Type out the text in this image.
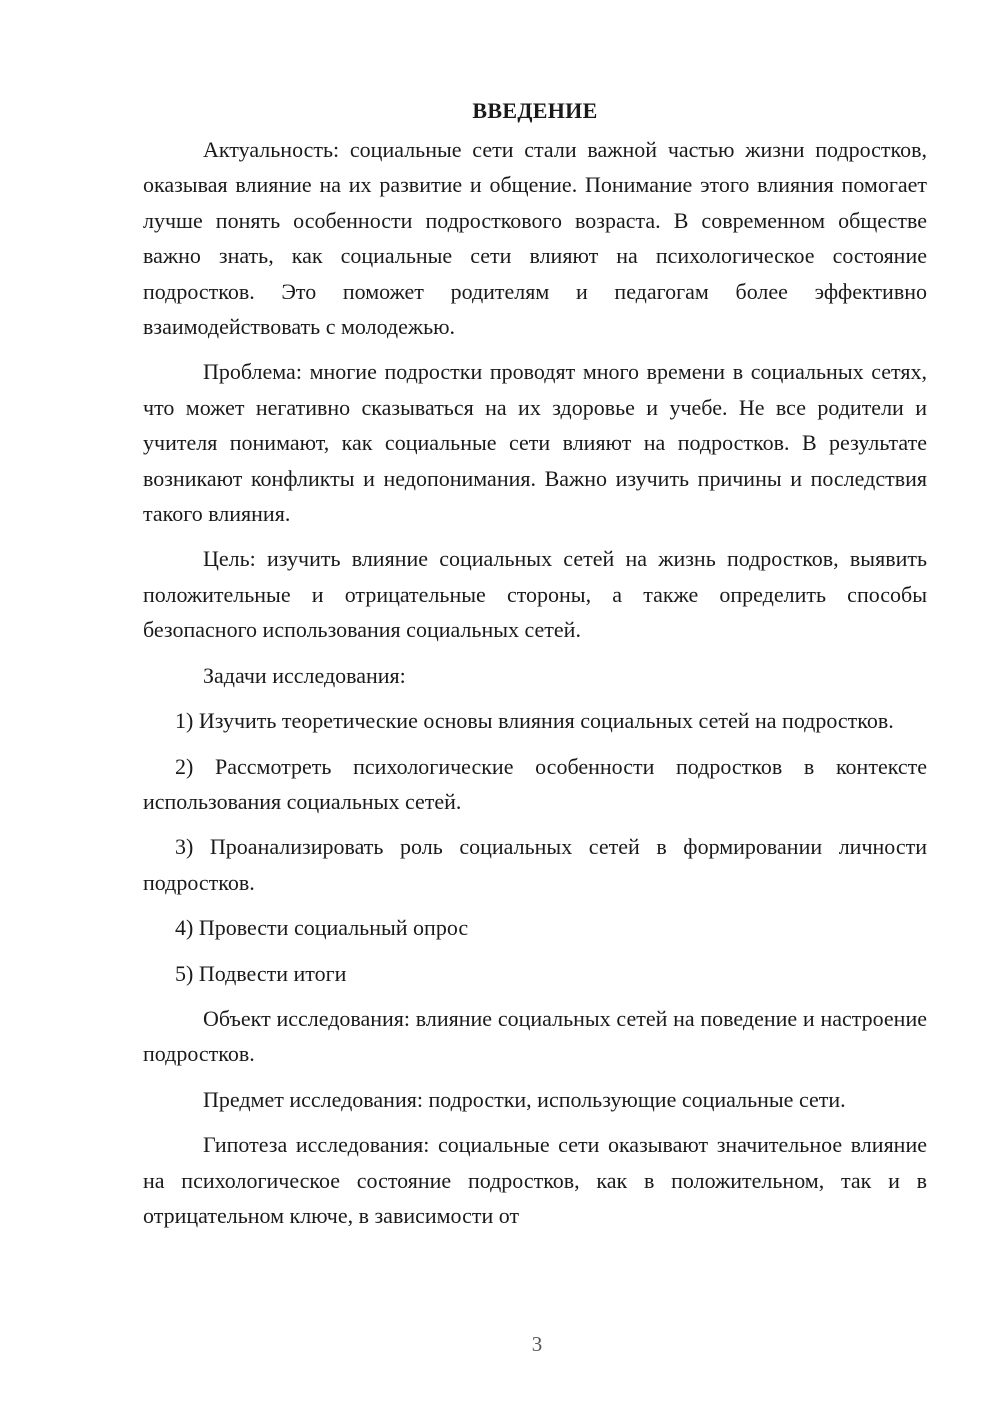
ВВЕДЕНИЕ

Актуальность: социальные сети стали важной частью жизни подростков, оказывая влияние на их развитие и общение. Понимание этого влияния помогает лучше понять особенности подросткового возраста. В современном обществе важно знать, как социальные сети влияют на психологическое состояние подростков. Это поможет родителям и педагогам более эффективно взаимодействовать с молодежью.

Проблема: многие подростки проводят много времени в социальных сетях, что может негативно сказываться на их здоровье и учебе. Не все родители и учителя понимают, как социальные сети влияют на подростков. В результате возникают конфликты и недопонимания. Важно изучить причины и последствия такого влияния.

Цель: изучить влияние социальных сетей на жизнь подростков, выявить положительные и отрицательные стороны, а также определить способы безопасного использования социальных сетей.

Задачи исследования:

1) Изучить теоретические основы влияния социальных сетей на подростков.

2) Рассмотреть психологические особенности подростков в контексте использования социальных сетей.

3) Проанализировать роль социальных сетей в формировании личности подростков.

4) Провести социальный опрос

5) Подвести итоги

Объект исследования: влияние социальных сетей на поведение и настроение подростков.

Предмет исследования: подростки, использующие социальные сети.

Гипотеза исследования: социальные сети оказывают значительное влияние на психологическое состояние подростков, как в положительном, так и в отрицательном ключе, в зависимости от

3
